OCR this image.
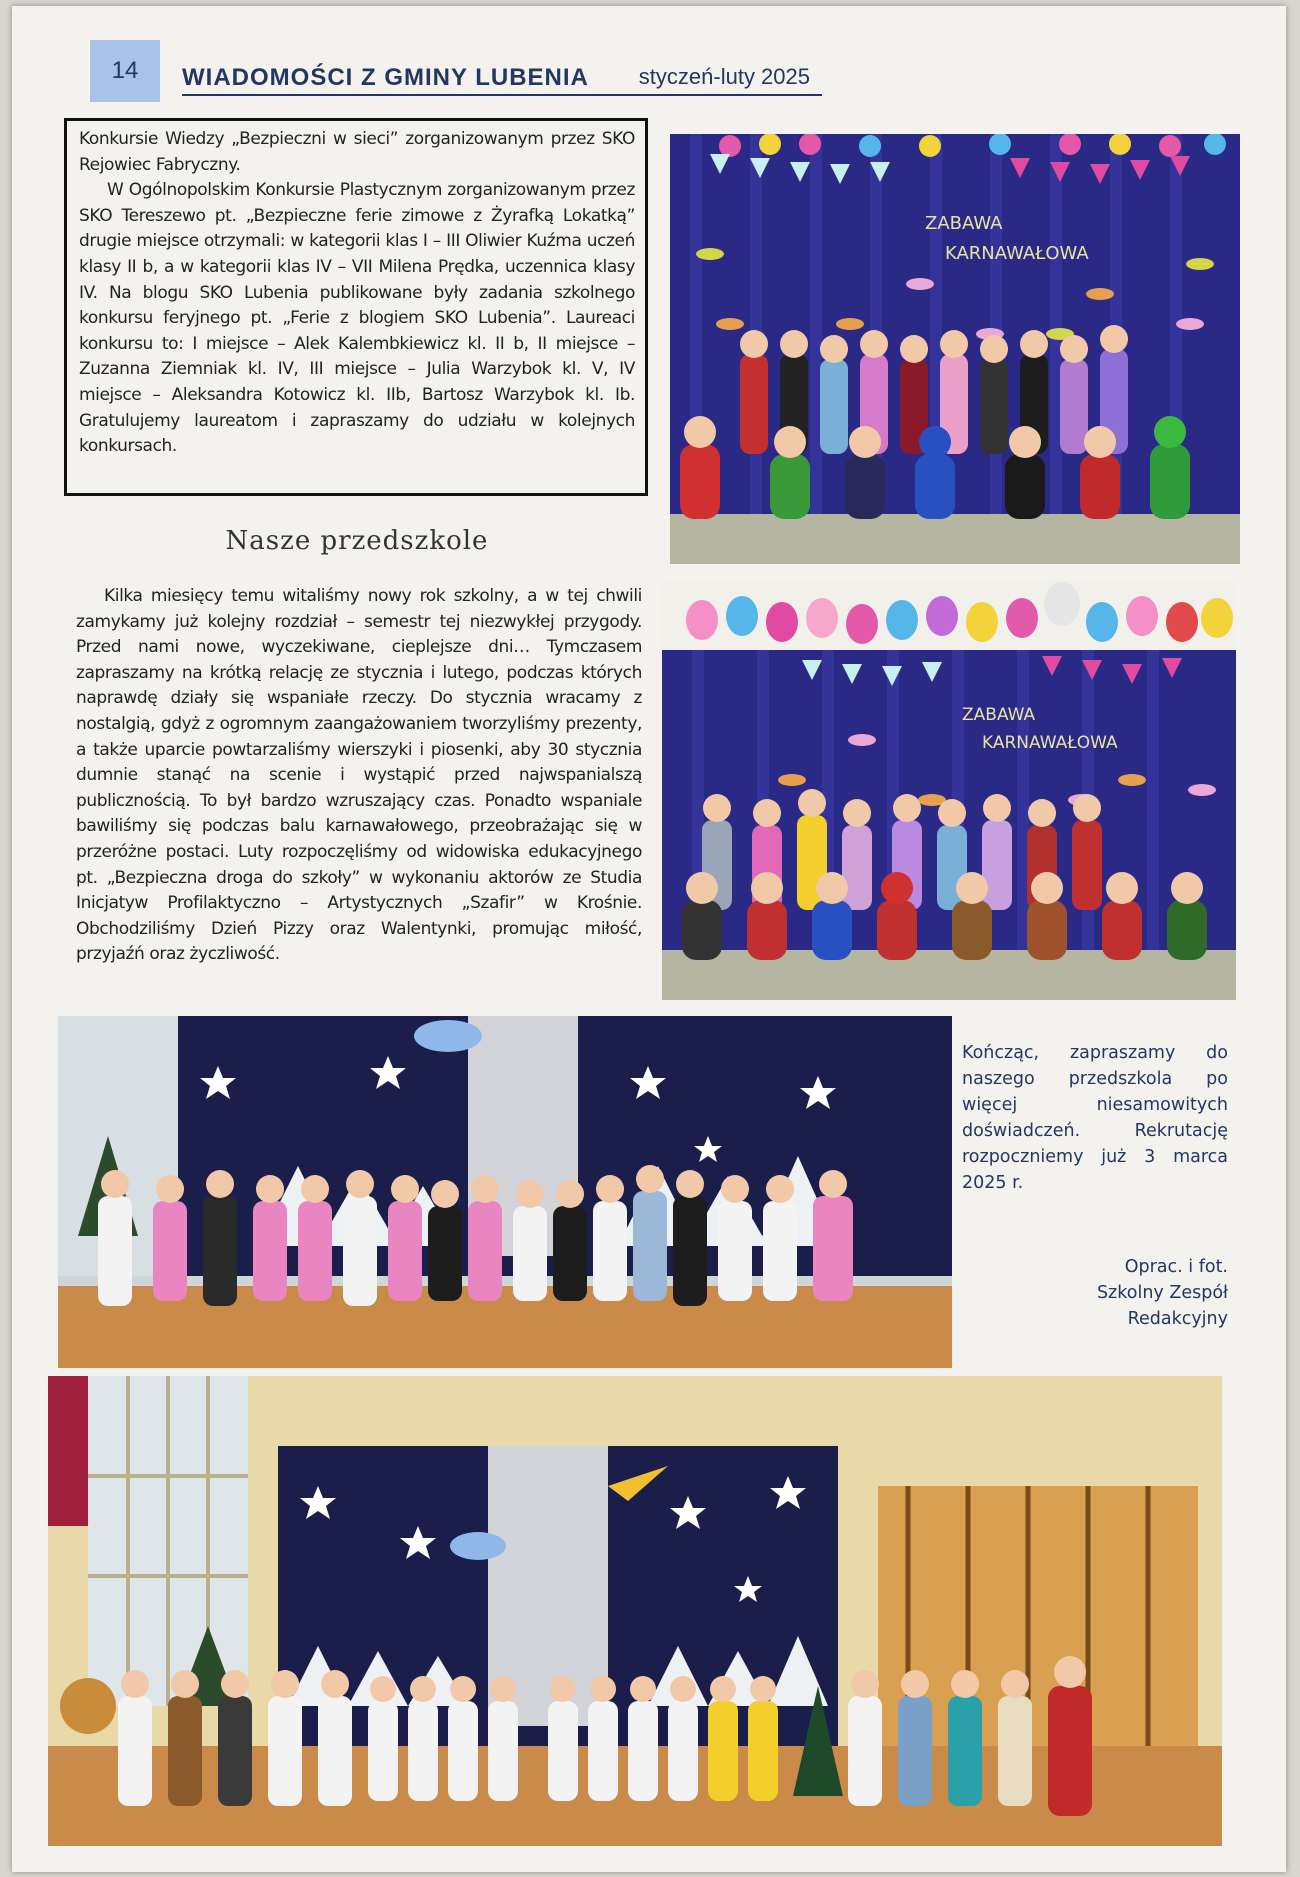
14	WIADOMOŚCI Z GMINY LUBENIA styczeń-luty 2025

Konkursie Wiedzy „Bezpieczni w sieci” zorganizowanym przez SKO Rejowiec Fabryczny.

W Ogólnopolskim Konkursie Plastycznym zorganizowanym przez SKO Tereszewo pt. „Bezpieczne ferie zimowe z Żyrafką Lokatką” drugie miejsce otrzymali: w kategorii klas I – III Oliwier Kuźma uczeń klasy II b, a w kategorii klas IV – VII Milena Prędka, uczennica klasy IV. Na blogu SKO Lubenia publikowane były zadania szkolnego konkursu feryjnego pt. „Ferie z blogiem SKO Lubenia”. Laureaci konkursu to: I miejsce – Alek Kalembkiewicz kl. II b, II miejsce – Zuzanna Ziemniak kl. IV, III miejsce – Julia Warzybok kl. V, IV miejsce – Aleksandra Kotowicz kl. IIb, Bartosz Warzybok kl. Ib. Gratulujemy laureatom i zapraszamy do udziału w kolejnych konkursach.

Nasze przedszkole

Kilka miesięcy temu witaliśmy nowy rok szkolny, a w tej chwili zamykamy już kolejny rozdział – semestr tej niezwykłej przygody. Przed nami nowe, wyczekiwane, cieplejsze dni… Tymczasem zapraszamy na krótką relację ze stycznia i lutego, podczas których naprawdę działy się wspaniałe rzeczy. Do stycznia wracamy z nostalgią, gdyż z ogromnym zaangażowaniem tworzyliśmy prezenty, a także uparcie powtarzaliśmy wierszyki i piosenki, aby 30 stycznia dumnie stanąć na scenie i wystąpić przed najwspanialszą publicznością. To był bardzo wzruszający czas. Ponadto wspaniale bawiliśmy się podczas balu karnawałowego, przeobrażając się w przeróżne postaci. Luty rozpoczęliśmy od widowiska edukacyjnego pt. „Bezpieczna droga do szkoły” w wykonaniu aktorów ze Studia Inicjatyw Profilaktyczno – Artystycznych „Szafir” w Krośnie. Obchodziliśmy Dzień Pizzy oraz Walentynki, promując miłość, przyjaźń oraz życzliwość.

ZABAWA
KARNAWAŁOWA
ZABAWA
KARNAWAŁOWA
Kończąc, zapraszamy do naszego przedszkola po więcej niesamowitych doświadczeń. Rekrutację rozpoczniemy już 3 marca 2025 r.
Oprac. i fot.
Szkolny Zespół
Redakcyjny
